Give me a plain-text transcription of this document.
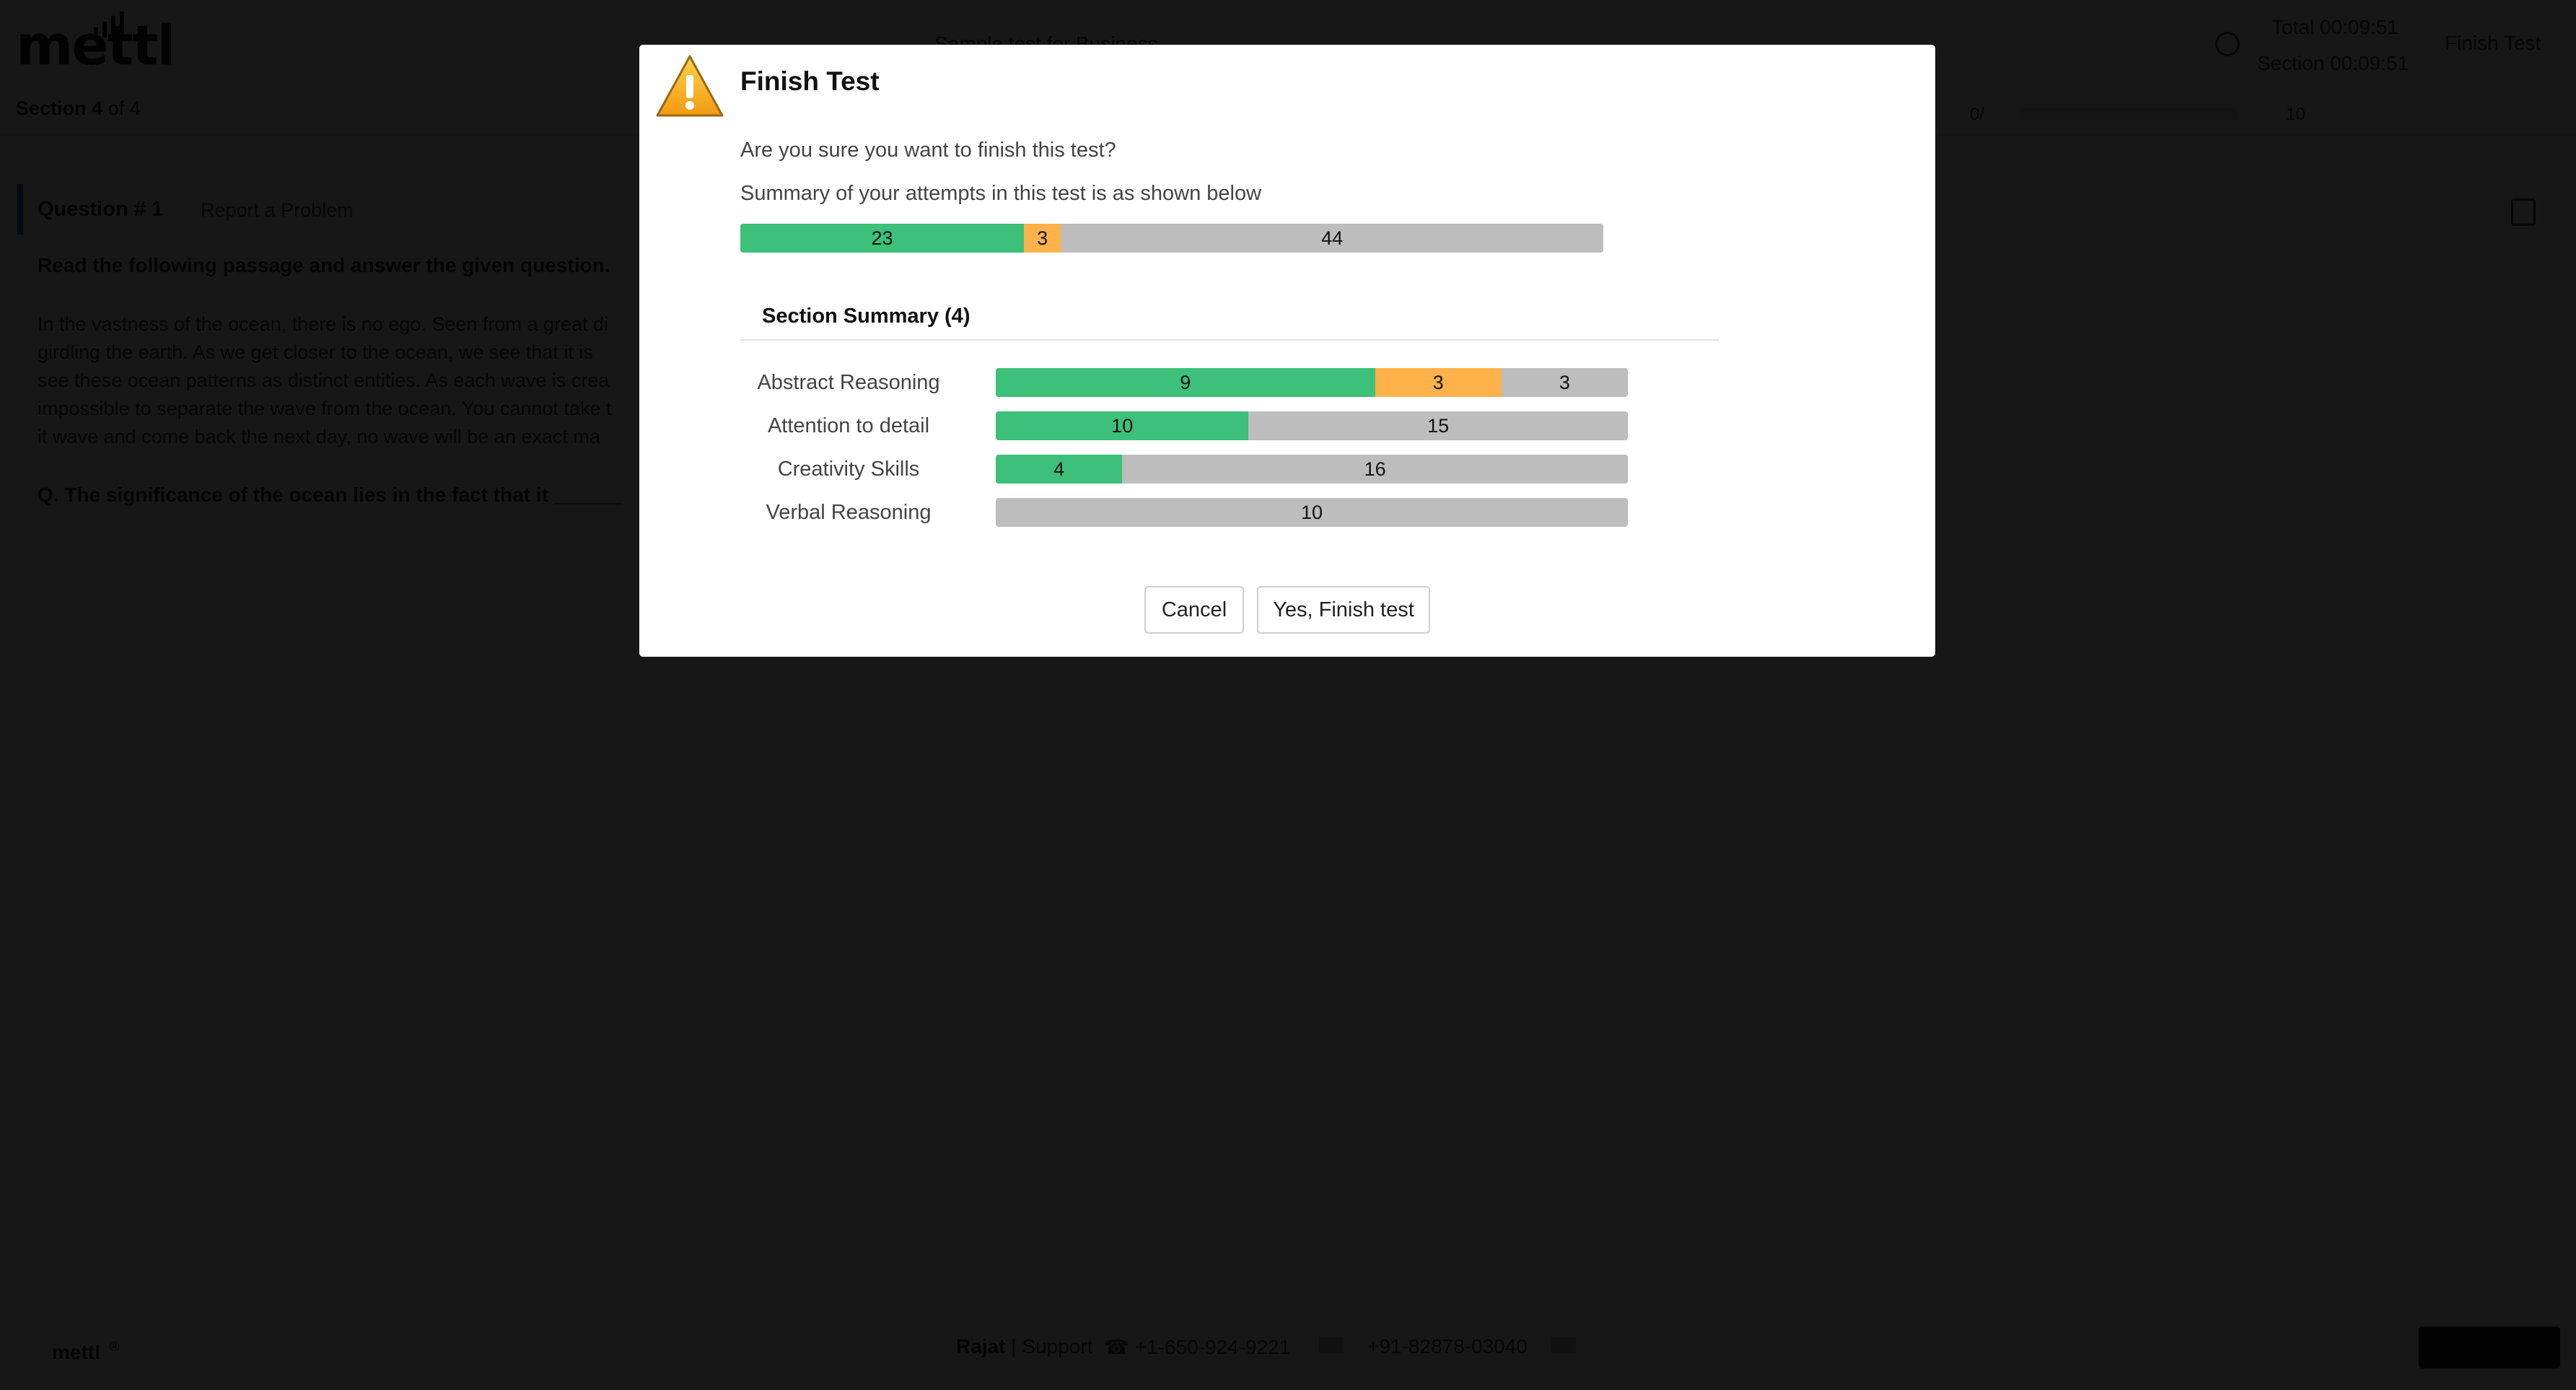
Finish Test
Are you sure you want to finish this test?
Summary of your attempts in this test is as shown below
23	3	44
Section Summary (4)
Abstract Reasoning	9	3	3
Attention to detail	10	15
Creativity Skills	4	16
Verbal Reasoning	10
Cancel	Yes, Finish test
